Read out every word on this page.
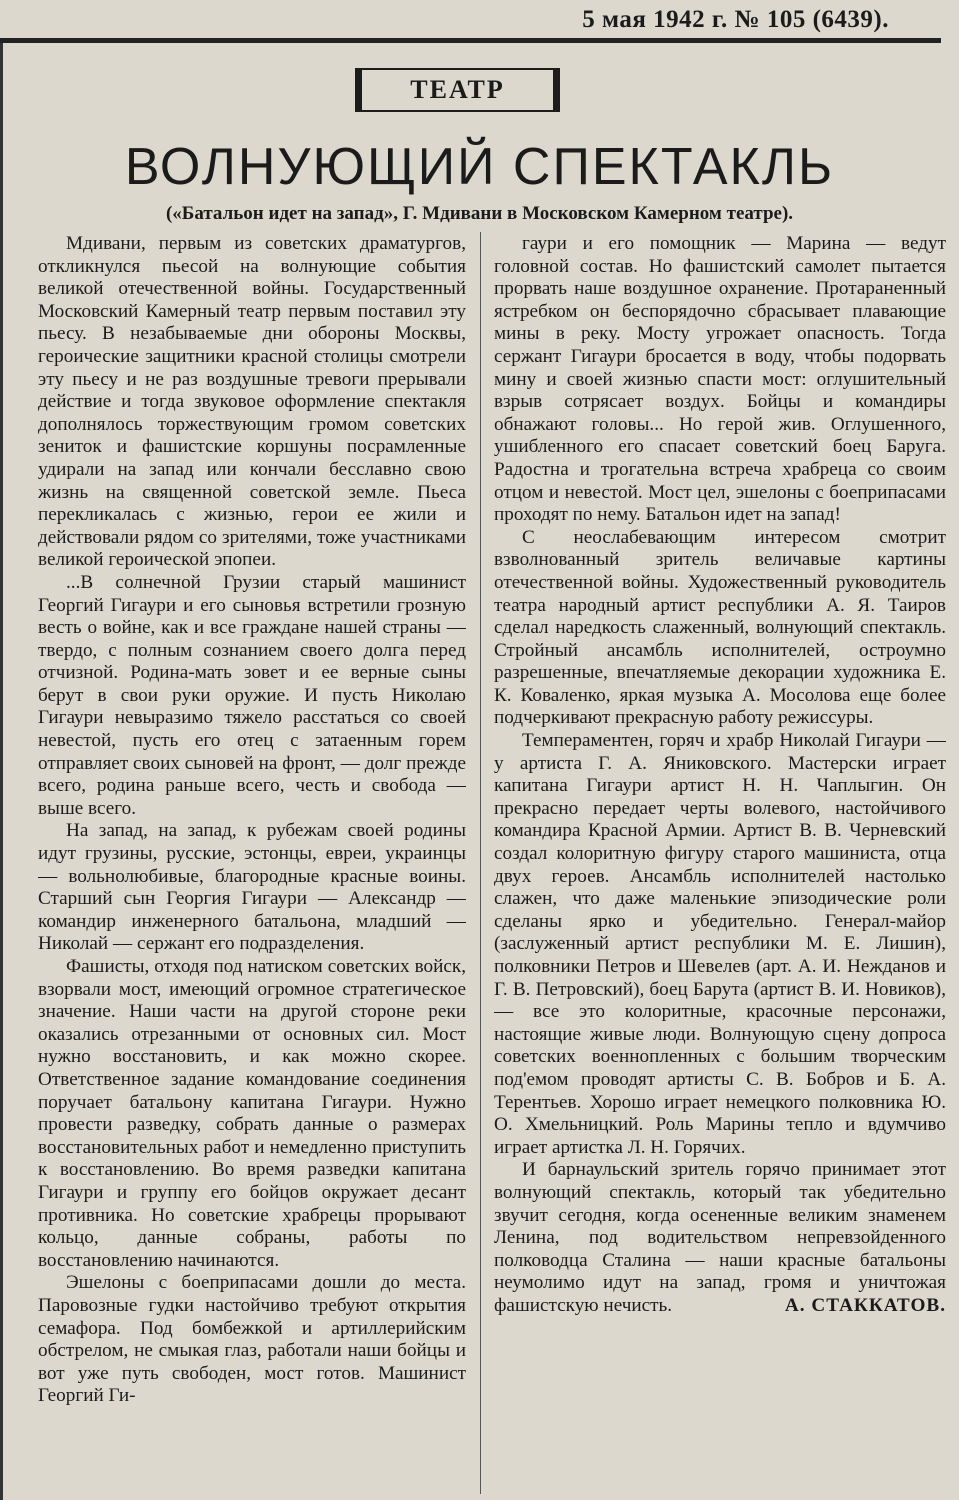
5 мая 1942 г. № 105 (6439).
ТЕАТР
ВОЛНУЮЩИЙ СПЕКТАКЛЬ
(«Батальон идет на запад», Г. Мдивани в Московском Камерном театре).

Мдивани, первым из советских драматургов, откликнулся пьесой на волнующие события великой отечественной войны. Государственный Московский Камерный театр первым поставил эту пьесу. В незабываемые дни обороны Москвы, героические защитники красной столицы смотрели эту пьесу и не раз воздушные тревоги прерывали действие и тогда звуковое оформление спектакля дополнялось торжествующим громом советских зениток и фашистские коршуны посрамленные удирали на запад или кончали бесславно свою жизнь на священной советской земле. Пьеса перекликалась с жизнью, герои ее жили и действовали рядом со зрителями, тоже участниками великой героической эпопеи.

...В солнечной Грузии старый машинист Георгий Гигаури и его сыновья встретили грозную весть о войне, как и все граждане нашей страны — твердо, с полным сознанием своего долга перед отчизной. Родина-мать зовет и ее верные сыны берут в свои руки оружие. И пусть Николаю Гигаури невыразимо тяжело расстаться со своей невестой, пусть его отец с затаенным горем отправляет своих сыновей на фронт, — долг прежде всего, родина раньше всего, честь и свобода — выше всего.

На запад, на запад, к рубежам своей родины идут грузины, русские, эстонцы, евреи, украинцы — вольнолюбивые, благородные красные воины. Старший сын Георгия Гигаури — Александр — командир инженерного батальона, младший — Николай — сержант его подразделения.

Фашисты, отходя под натиском советских войск, взорвали мост, имеющий огромное стратегическое значение. Наши части на другой стороне реки оказались отрезанными от основных сил. Мост нужно восстановить, и как можно скорее. Ответственное задание командование соединения поручает батальону капитана Гигаури. Нужно провести разведку, собрать данные о размерах восстановительных работ и немедленно приступить к восстановлению. Во время разведки капитана Гигаури и группу его бойцов окружает десант противника. Но советские храбрецы прорывают кольцо, данные собраны, работы по восстановлению начинаются.

Эшелоны с боеприпасами дошли до места. Паровозные гудки настойчиво требуют открытия семафора. Под бомбежкой и артиллерийским обстрелом, не смыкая глаз, работали наши бойцы и вот уже путь свободен, мост готов. Машинист Георгий Ги-

гаури и его помощник — Марина — ведут головной состав. Но фашистский самолет пытается прорвать наше воздушное охранение. Протараненный ястребком он беспорядочно сбрасывает плавающие мины в реку. Мосту угрожает опасность. Тогда сержант Гигаури бросается в воду, чтобы подорвать мину и своей жизнью спасти мост: оглушительный взрыв сотрясает воздух. Бойцы и командиры обнажают головы... Но герой жив. Оглушенного, ушибленного его спасает советский боец Баруга. Радостна и трогательна встреча храбреца со своим отцом и невестой. Мост цел, эшелоны с боеприпасами проходят по нему. Батальон идет на запад!

С неослабевающим интересом смотрит взволнованный зритель величавые картины отечественной войны. Художественный руководитель театра народный артист республики А. Я. Таиров сделал наредкость слаженный, волнующий спектакль. Стройный ансамбль исполнителей, остроумно разрешенные, впечатляемые декорации художника Е. К. Коваленко, яркая музыка А. Мосолова еще более подчеркивают прекрасную работу режиссуры.

Темпераментен, горяч и храбр Николай Гигаури — у артиста Г. А. Яниковского. Мастерски играет капитана Гигаури артист Н. Н. Чаплыгин. Он прекрасно передает черты волевого, настойчивого командира Красной Армии. Артист В. В. Черневский создал колоритную фигуру старого машиниста, отца двух героев. Ансамбль исполнителей настолько слажен, что даже маленькие эпизодические роли сделаны ярко и убедительно. Генерал-майор (заслуженный артист республики М. Е. Лишин), полковники Петров и Шевелев (арт. А. И. Нежданов и Г. В. Петровский), боец Барута (артист В. И. Новиков), — все это колоритные, красочные персонажи, настоящие живые люди. Волнующую сцену допроса советских военнопленных с большим творческим под'емом проводят артисты С. В. Бобров и Б. А. Терентьев. Хорошо играет немецкого полковника Ю. О. Хмельницкий. Роль Марины тепло и вдумчиво играет артистка Л. Н. Горячих.

И барнаульский зритель горячо принимает этот волнующий спектакль, который так убедительно звучит сегодня, когда осененные великим знаменем Ленина, под водительством непревзойденного полководца Сталина — наши красные батальоны неумолимо идут на запад, громя и уничтожая фашистскую нечисть.	А. СТАККАТОВ.
